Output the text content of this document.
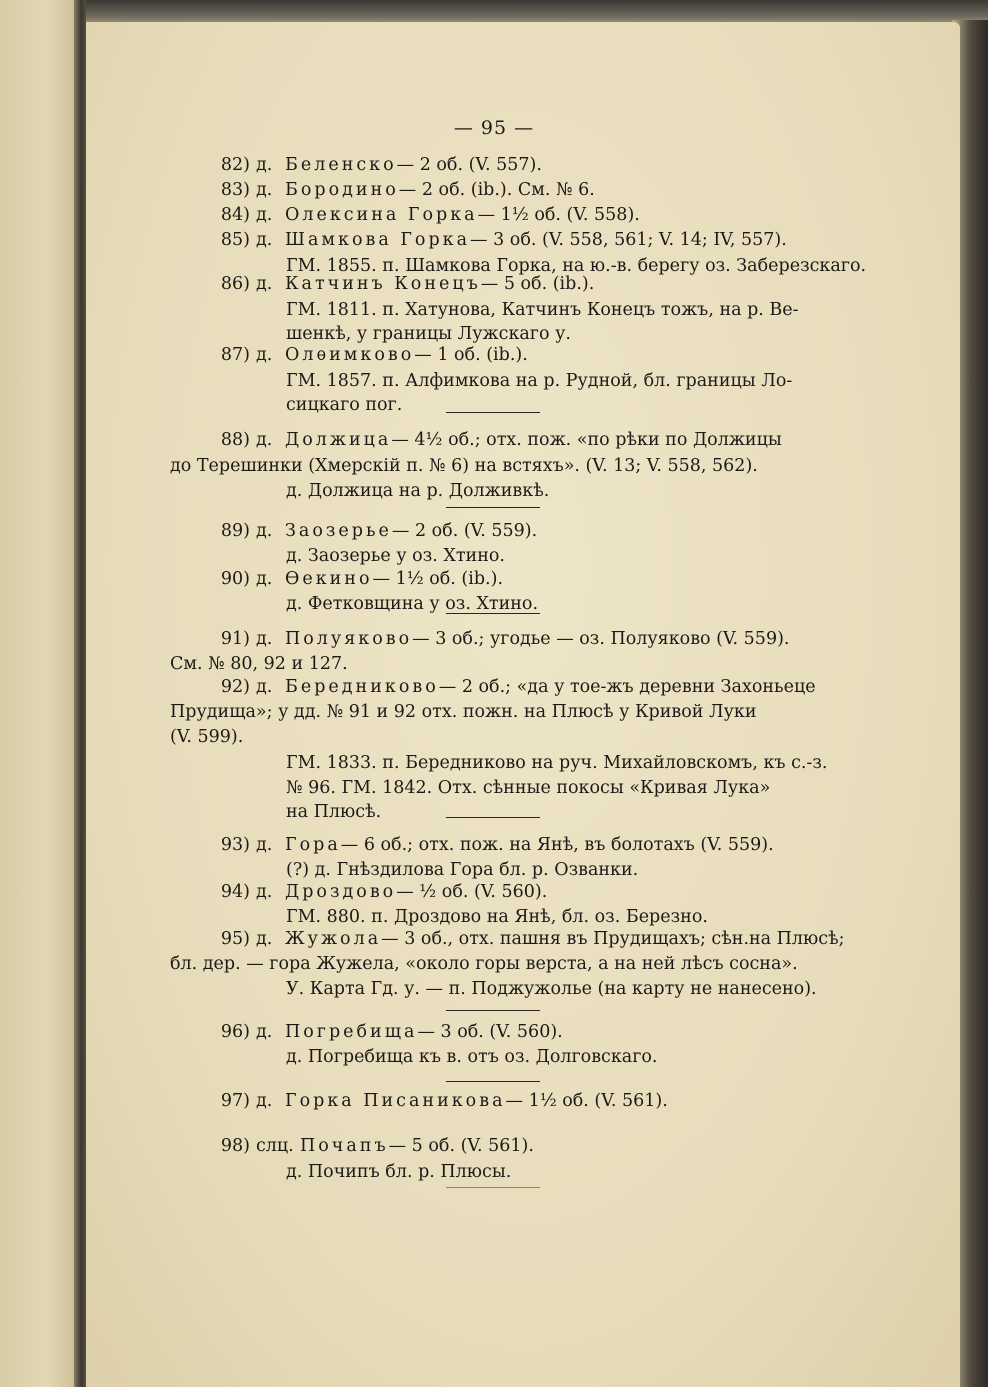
— 95 —
82) д. Беленско— 2 об. (V. 557).
83) д. Бородино— 2 об. (ib.). См. № 6.
84) д. Олексина Горка— 1½ об. (V. 558).
85) д. Шамкова Горка— 3 об. (V. 558, 561; V. 14; IV, 557).
ГМ. 1855. п. Шамкова Горка, на ю.-в. берегу оз. Заберезскаго.
86) д. Катчинъ Конецъ— 5 об. (ib.).
ГМ. 1811. п. Хатунова, Катчинъ Конецъ тожъ, на р. Ве-
шенкѣ, у границы Лужскаго у.
87) д. Олѳимково— 1 об. (ib.).
ГМ. 1857. п. Алфимкова на р. Рудной, бл. границы Ло-
сицкаго пог.
88) д. Должица— 4½ об.; отх. пож. «по рѣки по Должицы
до Терешинки (Хмерскій п. № 6) на встяхъ». (V. 13; V. 558, 562).
д. Должица на р. Долживкѣ.
89) д. Заозерье— 2 об. (V. 559).
д. Заозерье у оз. Хтино.
90) д. Ѳекино— 1½ об. (ib.).
д. Фетковщина у оз. Хтино.
91) д. Полуяково— 3 об.; угодье — оз. Полуяково (V. 559).
См. № 80, 92 и 127.
92) д. Бередниково— 2 об.; «да у тое-жъ деревни Захоньеце
Прудища»; у дд. № 91 и 92 отх. пожн. на Плюсѣ у Кривой Луки
(V. 599).
ГМ. 1833. п. Бередниково на руч. Михайловскомъ, къ с.-з.
№ 96. ГМ. 1842. Отх. сѣнные покосы «Кривая Лука»
на Плюсѣ.
93) д. Гора— 6 об.; отх. пож. на Янѣ, въ болотахъ (V. 559).
(?) д. Гнѣздилова Гора бл. р. Озванки.
94) д. Дроздово— ½ об. (V. 560).
ГМ. 880. п. Дроздово на Янѣ, бл. оз. Березно.
95) д. Жужола— 3 об., отх. пашня въ Прудищахъ; сѣн.на Плюсѣ;
бл. дер. — гора Жужела, «около горы верста, а на ней лѣсъ сосна».
У. Карта Гд. у. — п. Поджужолье (на карту не нанесено).
96) д. Погребища— 3 об. (V. 560).
д. Погребища къ в. отъ оз. Долговскаго.
97) д. Горка Писаникова— 1½ об. (V. 561).
98) слц. Почапъ— 5 об. (V. 561).
д. Почипъ бл. р. Плюсы.
